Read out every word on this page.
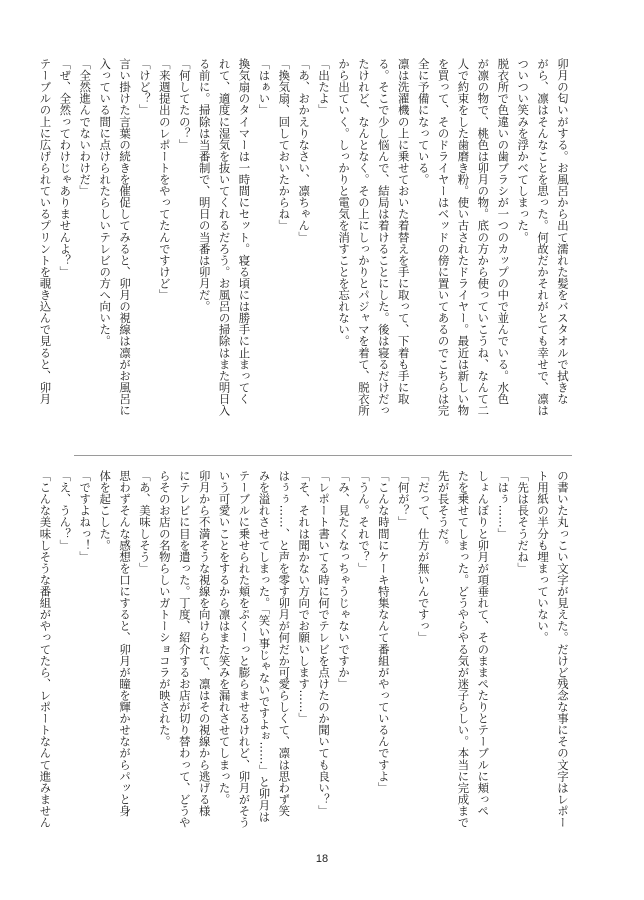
卯月の匂いがする。お風呂から出て濡れた髪をバスタオルで拭きな
がら、凛はそんなことを思った。何故だかそれがとても幸せで、凛は
ついつい笑みを浮かべてしまった。
脱衣所で色違いの歯ブラシが一つのカップの中で並んでいる。水色
が凛の物で、桃色は卯月の物。底の方から使っていこうね、なんて二
人で約束をした歯磨き粉。使い古されたドライヤー。最近は新しい物
を買って、そのドライヤーはベッドの傍に置いてあるのでこちらは完
全に予備になっている。
凛は洗濯機の上に乗せておいた着替えを手に取って、下着も手に取
る。そこで少し悩んで、結局は着けることにした。後は寝るだけだっ
たけれど、なんとなく。その上にしっかりとパジャマを着て、脱衣所
から出ていく。しっかりと電気を消すことを忘れない。
「出たよ」
「あ、おかえりなさい、凛ちゃん」
「換気扇、回しておいたからね」
「はぁい」
換気扇のタイマーは一時間にセット。寝る頃には勝手に止まってく
れて、適度に湿気を抜いてくれるだろう。お風呂の掃除はまた明日入
る前に。掃除は当番制で、明日の当番は卯月だ。
「何してたの？」
「来週提出のレポートをやってたんですけど」
「けど？」
言い掛けた言葉の続きを催促してみると、卯月の視線は凛がお風呂に
入っている間に点けられたらしいテレビの方へ向いた。
「全然進んでないわけだ」
「ぜ、全然ってわけじゃありませんよ？」
テーブルの上に広げられているプリントを覗き込んで見ると、卯月
の書いた丸っこい文字が見えた。だけど残念な事にその文字はレポー
ト用紙の半分も埋まっていない。
「先は長そうだね」
「はぅ……」
しょんぼりと卯月が項垂れて、そのままぺたりとテーブルに頬っぺ
たを乗せてしまった。どうやらやる気が迷子らしい。本当に完成まで
先が長そうだ。
「だって、仕方が無いんですっ」
「何が？」
「こんな時間にケーキ特集なんて番組がやっているんですよ」
「うん。それで？」
「み、見たくなっちゃうじゃないですか」
「レポート書いてる時に何でテレビを点けたのか聞いても良い？」
「そ、それは聞かない方向でお願いします……」
はぅぅ……、と声を零す卯月が何だか可愛らしくて、凛は思わず笑
みを溢れさせてしまった。「笑い事じゃないですよぉ……」と卯月は
テーブルに乗せられた頬をぷくーっと膨らませるけれど、卯月がそう
いう可愛いことをするから凛はまた笑みを漏れさせてしまった。
卯月から不満そうな視線を向けられて、凛はその視線から逃げる様
にテレビに目を遣った。丁度、紹介するお店が切り替わって、どうや
らそのお店の名物らしいガトーショコラが映された。
「あ、美味しそう」
思わずそんな感想を口にすると、卯月が瞳を輝かせながらパッと身
体を起こした。
「ですよねっ！」
「え、うん？」
「こんな美味しそうな番組がやってたら、レポートなんて進みません
18
